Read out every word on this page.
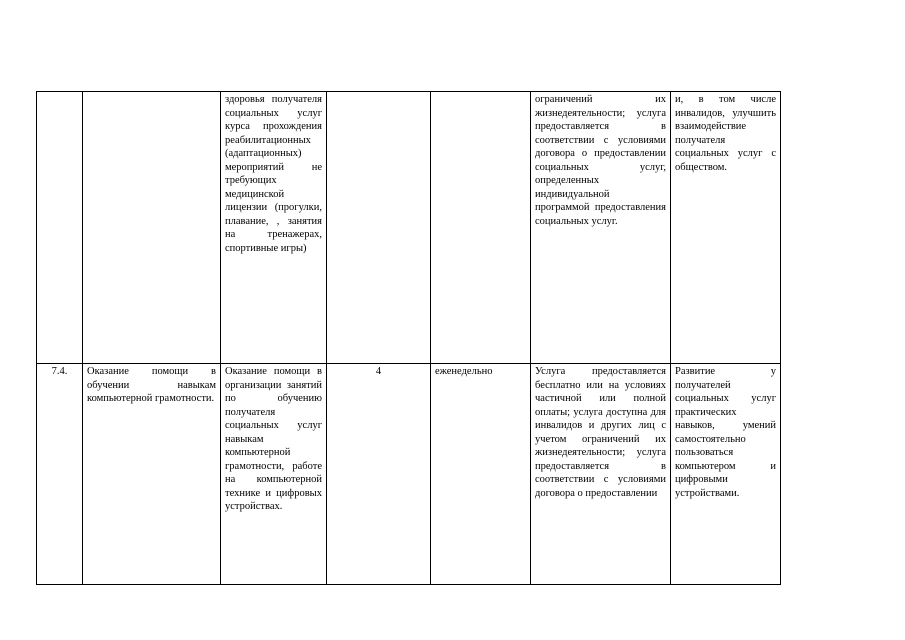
		здоровья получателя социальных услуг курса прохождения реабилитационных (адаптационных) мероприятий не требующих медицинской лицензии (прогулки, плавание, , занятия на тренажерах, спортивные игры)			ограничений их жизнедеятельности; услуга предоставляется в соответствии с условиями договора о предоставлении социальных услуг, определенных индивидуальной программой предоставления социальных услуг.	и, в том числе инвалидов, улучшить взаимодействие получателя социальных услуг с обществом.
7.4.	Оказание помощи в обучении навыкам компьютерной грамотности.	Оказание помощи в организации занятий по обучению получателя социальных услуг навыкам компьютерной грамотности, работе на компьютерной технике и цифровых устройствах.	4	еженедельно	Услуга предоставляется бесплатно или на условиях частичной или полной оплаты; услуга доступна для инвалидов и других лиц с учетом ограничений их жизнедеятельности; услуга предоставляется в соответствии с условиями договора о предоставлении	Развитие у получателей социальных услуг практических навыков, умений самостоятельно пользоваться компьютером и цифровыми устройствами.
